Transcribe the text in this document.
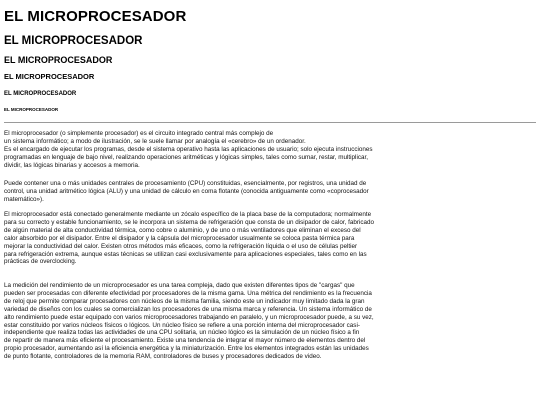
EL MICROPROCESADOR
EL MICROPROCESADOR
EL MICROPROCESADOR
EL MICROPROCESADOR
EL MICROPROCESADOR
EL MICROPROCESADOR

El microprocesador (o simplemente procesador) es el circuito integrado central más complejo de
un sistema informático; a modo de ilustración, se le suele llamar por analogía el «cerebro» de un ordenador.
Es el encargado de ejecutar los programas, desde el sistema operativo hasta las aplicaciones de usuario; solo ejecuta instrucciones
programadas en lenguaje de bajo nivel, realizando operaciones aritméticas y lógicas simples, tales como sumar, restar, multiplicar,
dividir, las lógicas binarias y accesos a memoria.

Puede contener una o más unidades centrales de procesamiento (CPU) constituidas, esencialmente, por registros, una unidad de
control, una unidad aritmético lógica (ALU) y una unidad de cálculo en coma flotante (conocida antiguamente como «coprocesador
matemático»).

El microprocesador está conectado generalmente mediante un zócalo específico de la placa base de la computadora; normalmente
para su correcto y estable funcionamiento, se le incorpora un sistema de refrigeración que consta de un disipador de calor, fabricado
de algún material de alta conductividad térmica, como cobre o aluminio, y de uno o más ventiladores que eliminan el exceso del
calor absorbido por el disipador. Entre el disipador y la cápsula del microprocesador usualmente se coloca pasta térmica para
mejorar la conductividad del calor. Existen otros métodos más eficaces, como la refrigeración líquida o el uso de células peltier
para refrigeración extrema, aunque estas técnicas se utilizan casi exclusivamente para aplicaciones especiales, tales como en las
prácticas de overclocking.

La medición del rendimiento de un microprocesador es una tarea compleja, dado que existen diferentes tipos de "cargas" que
pueden ser procesadas con diferente efectividad por procesadores de la misma gama. Una métrica del rendimiento es la frecuencia
de reloj que permite comparar procesadores con núcleos de la misma familia, siendo este un indicador muy limitado dada la gran
variedad de diseños con los cuales se comercializan los procesadores de una misma marca y referencia. Un sistema informático de
alto rendimiento puede estar equipado con varios microprocesadores trabajando en paralelo, y un microprocesador puede, a su vez,
estar constituido por varios núcleos físicos o lógicos. Un núcleo físico se refiere a una porción interna del microprocesador casi-
independiente que realiza todas las actividades de una CPU solitaria, un núcleo lógico es la simulación de un núcleo físico a fin
de repartir de manera más eficiente el procesamiento. Existe una tendencia de integrar el mayor número de elementos dentro del
propio procesador, aumentando así la eficiencia energética y la miniaturización. Entre los elementos integrados están las unidades
de punto flotante, controladores de la memoria RAM, controladores de buses y procesadores dedicados de video.
